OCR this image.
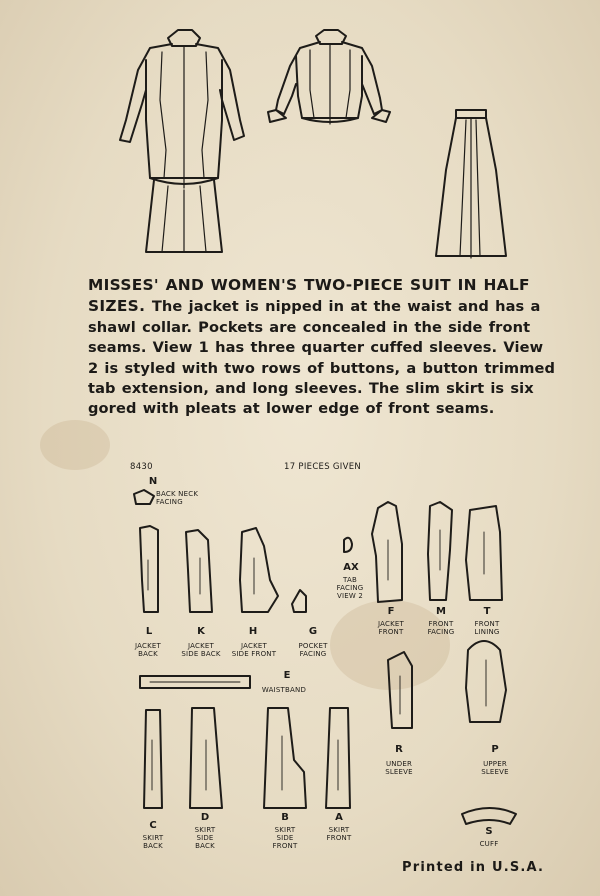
MISSES' AND WOMEN'S TWO-PIECE SUIT IN HALF SIZES. The jacket is nipped in at the waist and has a shawl collar. Pockets are concealed in the side front seams. View 1 has three quarter cuffed sleeves. View 2 is styled with two rows of buttons, a button trimmed tab extension, and long sleeves. The slim skirt is six gored with pleats at lower edge of front seams.
8430	17 PIECES GIVEN
N
BACK NECK
FACING
AX
TAB
FACING
VIEW 2
L
JACKET
BACK
K
JACKET
SIDE BACK
H
JACKET
SIDE FRONT
G
POCKET
FACING
F
JACKET
FRONT
M
FRONT
FACING
T
FRONT
LINING
E
WAISTBAND
R
UNDER
SLEEVE
P
UPPER
SLEEVE
C
SKIRT
BACK
D
SKIRT
SIDE
BACK
B
SKIRT
SIDE
FRONT
A
SKIRT
FRONT
S
CUFF
Printed in U.S.A.
